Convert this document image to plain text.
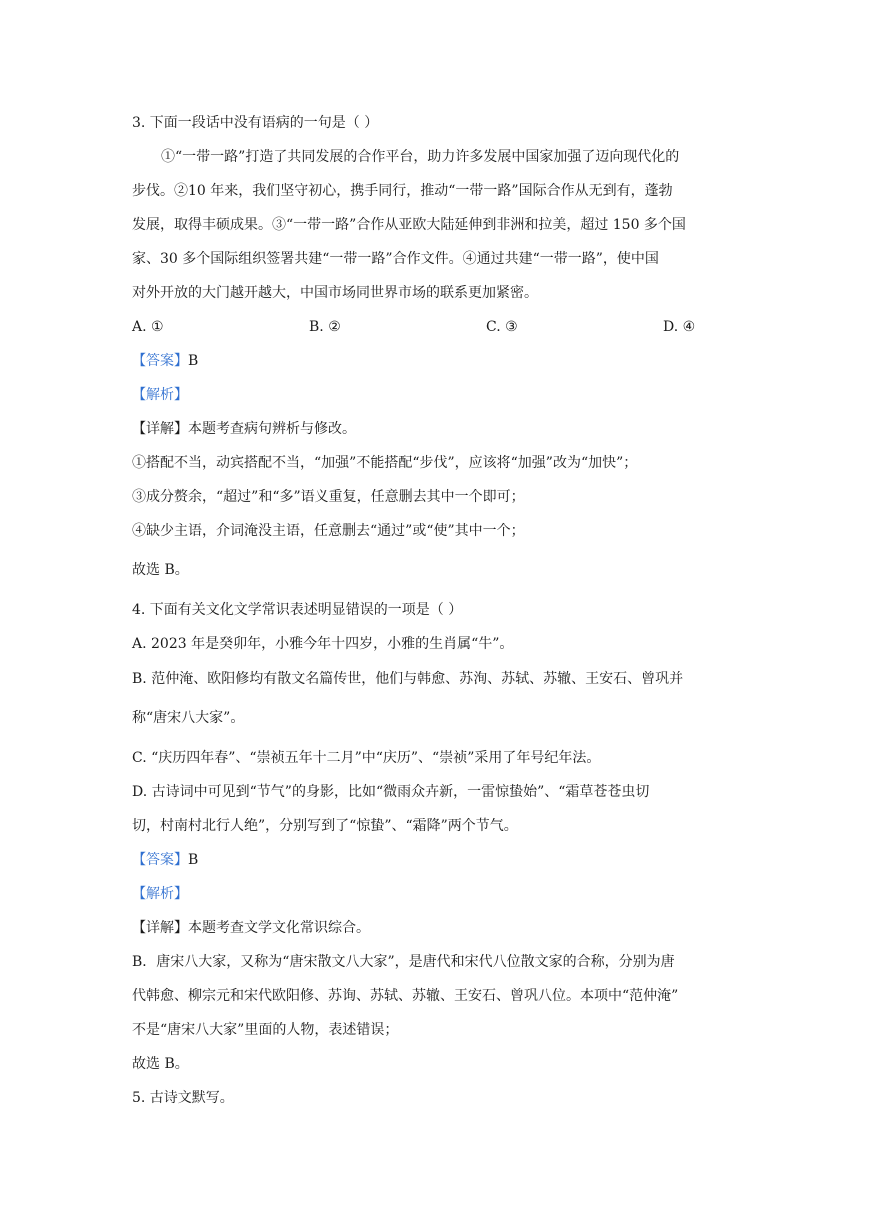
3. 下面一段话中没有语病的一句是（ ）
①“一带一路”打造了共同发展的合作平台，助力许多发展中国家加强了迈向现代化的
步伐。②10 年来，我们坚守初心，携手同行，推动“一带一路”国际合作从无到有，蓬勃
发展，取得丰硕成果。③“一带一路”合作从亚欧大陆延伸到非洲和拉美，超过 150 多个国
家、30 多个国际组织签署共建“一带一路”合作文件。④通过共建“一带一路”，使中国
对外开放的大门越开越大，中国市场同世界市场的联系更加紧密。
A. ①	B. ②	C. ③	D. ④
【答案】B
【解析】
【详解】本题考查病句辨析与修改。
①搭配不当，动宾搭配不当，“加强”不能搭配“步伐”，应该将“加强”改为“加快”；
③成分赘余，“超过”和“多”语义重复，任意删去其中一个即可；
④缺少主语，介词淹没主语，任意删去“通过”或“使”其中一个；
故选 B。
4. 下面有关文化文学常识表述明显错误的一项是（ ）
A. 2023 年是癸卯年，小雅今年十四岁，小雅的生肖属“牛”。
B. 范仲淹、欧阳修均有散文名篇传世，他们与韩愈、苏洵、苏轼、苏辙、王安石、曾巩并
称“唐宋八大家”。
C. “庆历四年春”、“崇祯五年十二月”中“庆历”、“崇祯”采用了年号纪年法。
D. 古诗词中可见到“节气”的身影，比如“微雨众卉新，一雷惊蛰始”、“霜草苍苍虫切
切，村南村北行人绝”，分别写到了“惊蛰”、“霜降”两个节气。
【答案】B
【解析】
【详解】本题考查文学文化常识综合。
B．唐宋八大家，又称为“唐宋散文八大家”，是唐代和宋代八位散文家的合称，分别为唐
代韩愈、柳宗元和宋代欧阳修、苏询、苏轼、苏辙、王安石、曾巩八位。本项中“范仲淹”
不是“唐宋八大家”里面的人物，表述错误；
故选 B。
5. 古诗文默写。
